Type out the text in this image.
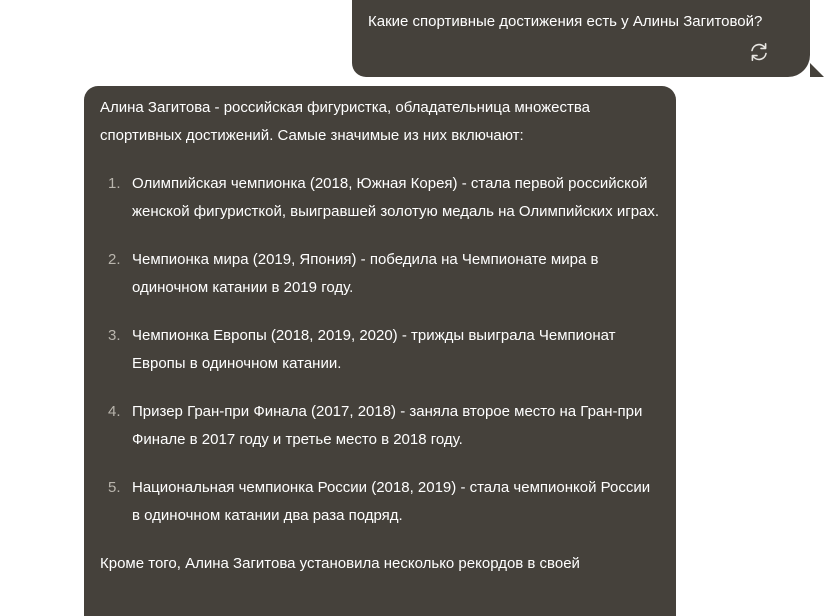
Какие спортивные достижения есть у Алины Загитовой?

Алина Загитова - российская фигуристка, обладательница множества спортивных достижений. Самые значимые из них включают:

1. Олимпийская чемпионка (2018, Южная Корея) - стала первой российской женской фигуристкой, выигравшей золотую медаль на Олимпийских играх.
2. Чемпионка мира (2019, Япония) - победила на Чемпионате мира в одиночном катании в 2019 году.
3. Чемпионка Европы (2018, 2019, 2020) - трижды выиграла Чемпионат Европы в одиночном катании.
4. Призер Гран-при Финала (2017, 2018) - заняла второе место на Гран-при Финале в 2017 году и третье место в 2018 году.
5. Национальная чемпионка России (2018, 2019) - стала чемпионкой России в одиночном катании два раза подряд.

Кроме того, Алина Загитова установила несколько рекордов в своей
